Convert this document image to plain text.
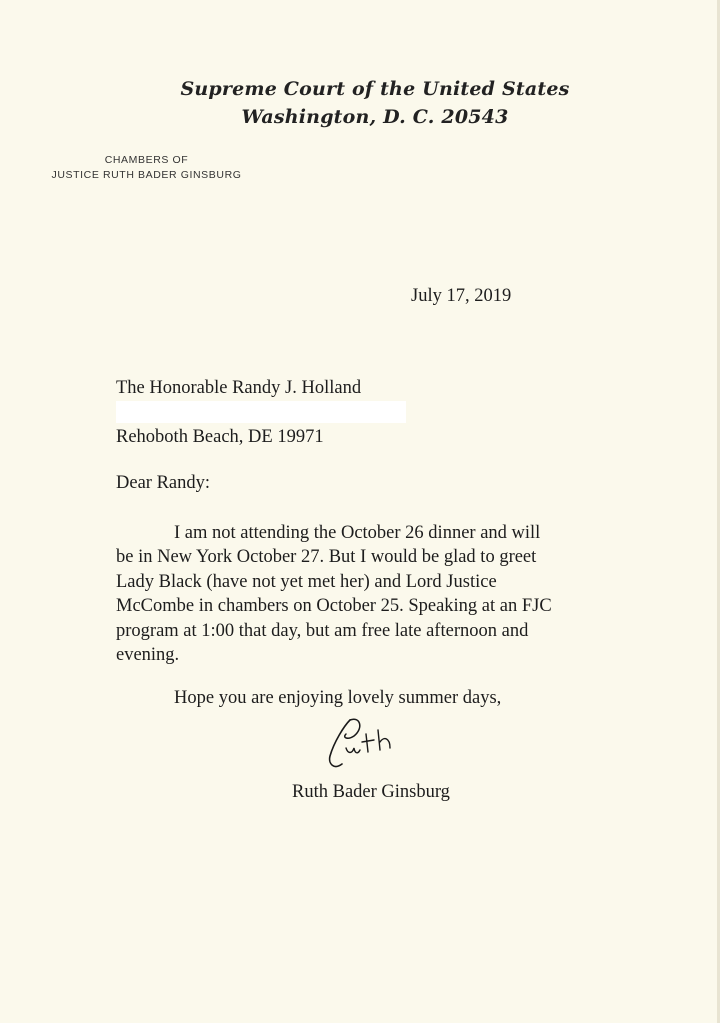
Supreme Court of the United States
Washington, D. C. 20543
CHAMBERS OF
JUSTICE RUTH BADER GINSBURG
July 17, 2019
The Honorable Randy J. Holland
Rehoboth Beach, DE 19971
Dear Randy:
I am not attending the October 26 dinner and will
be in New York October 27. But I would be glad to greet
Lady Black (have not yet met her) and Lord Justice
McCombe in chambers on October 25. Speaking at an FJC
program at 1:00 that day, but am free late afternoon and
evening.
Hope you are enjoying lovely summer days,
Ruth Bader Ginsburg
